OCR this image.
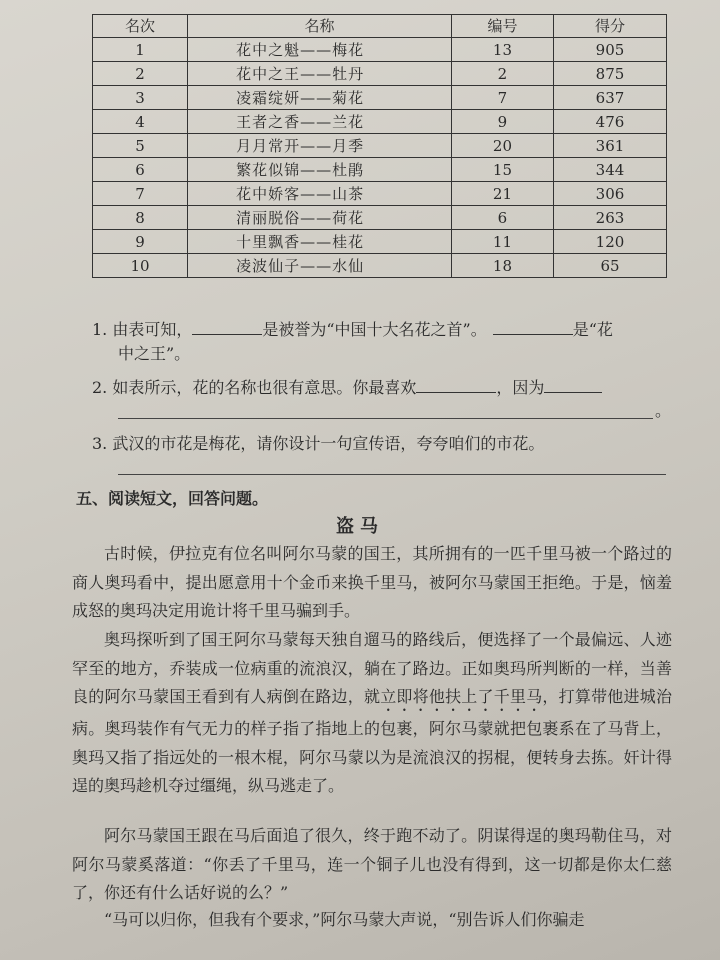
名次	名称	编号	得分
1	花中之魁——梅花	13	905
2	花中之王——牡丹	2	875
3	凌霜绽妍——菊花	7	637
4	王者之香——兰花	9	476
5	月月常开——月季	20	361
6	繁花似锦——杜鹃	15	344
7	花中娇客——山茶	21	306
8	清丽脱俗——荷花	6	263
9	十里飘香——桂花	11	120
10	凌波仙子——水仙	18	65
1. 由表可知，	是被誉为“中国十大名花之首”。	是“花
中之王”。
2. 如表所示，花的名称也很有意思。你最喜欢	，因为
。
3. 武汉的市花是梅花，请你设计一句宣传语，夸夸咱们的市花。
五、阅读短文，回答问题。
盗马
古时候，伊拉克有位名叫阿尔马蒙的国王，其所拥有的一匹千里马被一个路过的商人奥玛看中，提出愿意用十个金币来换千里马，被阿尔马蒙国王拒绝。于是，恼羞成怒的奥玛决定用诡计将千里马骗到手。
奥玛探听到了国王阿尔马蒙每天独自遛马的路线后，便选择了一个最偏远、人迹罕至的地方，乔装成一位病重的流浪汉，躺在了路边。正如奥玛所判断的一样，当善良的阿尔马蒙国王看到有人病倒在路边，就立即将他扶上了千里马，打算带他进城治病。奥玛装作有气无力的样子指了指地上的包裹，阿尔马蒙就把包裹系在了马背上，奥玛又指了指远处的一根木棍，阿尔马蒙以为是流浪汉的拐棍，便转身去拣。奸计得逞的奥玛趁机夺过缰绳，纵马逃走了。
阿尔马蒙国王跟在马后面追了很久，终于跑不动了。阴谋得逞的奥玛勒住马，对阿尔马蒙奚落道：“你丢了千里马，连一个铜子儿也没有得到，这一切都是你太仁慈了，你还有什么话好说的么？”
“马可以归你，但我有个要求，”阿尔马蒙大声说，“别告诉人们你骗走
